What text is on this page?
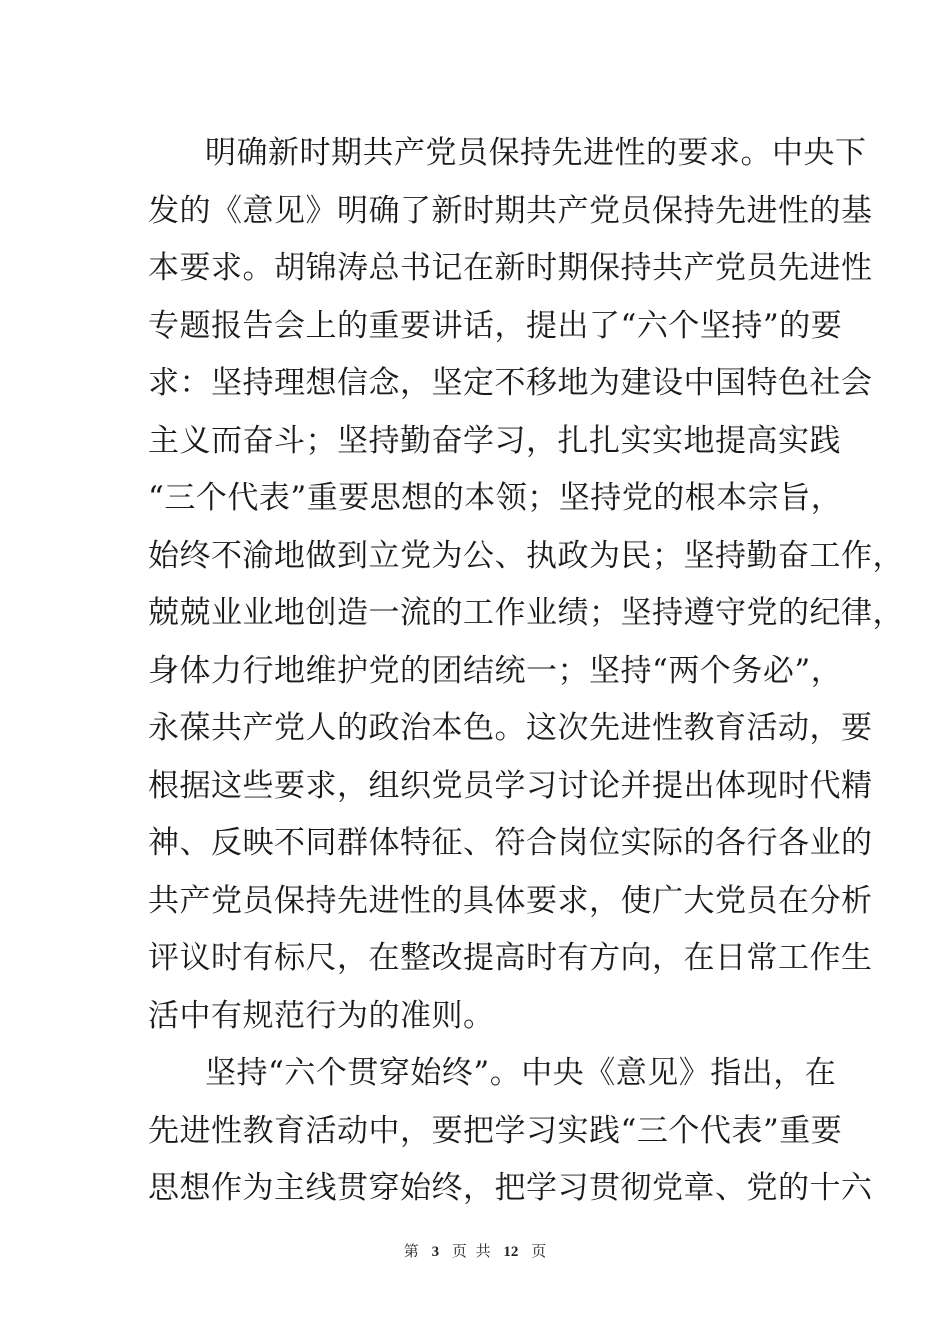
明确新时期共产党员保持先进性的要求。中央下
发的《意见》明确了新时期共产党员保持先进性的基
本要求。胡锦涛总书记在新时期保持共产党员先进性
专题报告会上的重要讲话，提出了“六个坚持”的要
求：坚持理想信念，坚定不移地为建设中国特色社会
主义而奋斗；坚持勤奋学习，扎扎实实地提高实践
“三个代表”重要思想的本领；坚持党的根本宗旨，
始终不渝地做到立党为公、执政为民；坚持勤奋工作，
兢兢业业地创造一流的工作业绩；坚持遵守党的纪律，
身体力行地维护党的团结统一；坚持“两个务必”，
永葆共产党人的政治本色。这次先进性教育活动，要
根据这些要求，组织党员学习讨论并提出体现时代精
神、反映不同群体特征、符合岗位实际的各行各业的
共产党员保持先进性的具体要求，使广大党员在分析
评议时有标尺，在整改提高时有方向，在日常工作生
活中有规范行为的准则。
坚持“六个贯穿始终”。中央《意见》指出，在
先进性教育活动中，要把学习实践“三个代表”重要
思想作为主线贯穿始终，把学习贯彻党章、党的十六
第 3 页 共 12 页
